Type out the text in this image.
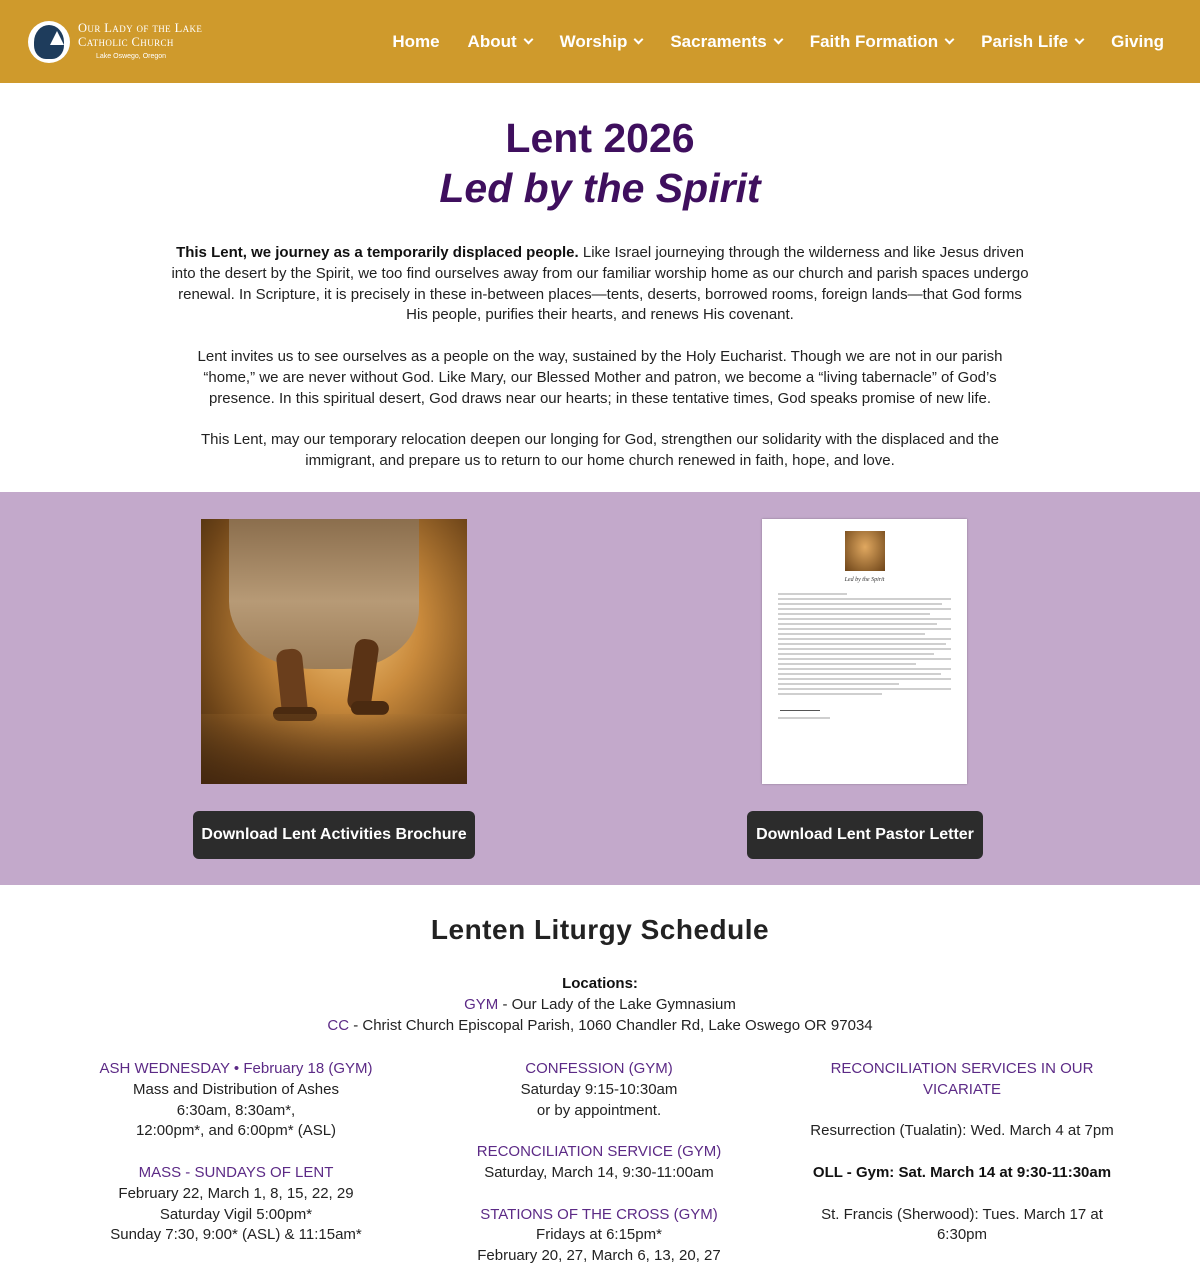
Our Lady of the Lake
Catholic Church
Lake Oswego, Oregon
Home About	Worship	Sacraments	Faith Formation	Parish Life	Giving
Lent 2026
Led by the Spirit

This Lent, we journey as a temporarily displaced people. Like Israel journeying through the wilderness and like Jesus driven into the desert by the Spirit, we too find ourselves away from our familiar worship home as our church and parish spaces undergo renewal. In Scripture, it is precisely in these in-between places—tents, deserts, borrowed rooms, foreign lands—that God forms His people, purifies their hearts, and renews His covenant.

Lent invites us to see ourselves as a people on the way, sustained by the Holy Eucharist. Though we are not in our parish “home,” we are never without God. Like Mary, our Blessed Mother and patron, we become a “living tabernacle” of God’s presence. In this spiritual desert, God draws near our hearts; in these tentative times, God speaks promise of new life.

This Lent, may our temporary relocation deepen our longing for God, strengthen our solidarity with the displaced and the immigrant, and prepare us to return to our home church renewed in faith, hope, and love.

Led by the Spirit
Download Lent Activities Brochure	Download Lent Pastor Letter
Lenten Liturgy Schedule
Locations:
GYM - Our Lady of the Lake Gymnasium
CC - Christ Church Episcopal Parish, 1060 Chandler Rd, Lake Oswego OR 97034
ASH WEDNESDAY • February 18 (GYM)
Mass and Distribution of Ashes
6:30am, 8:30am*,
12:00pm*, and 6:00pm* (ASL)
MASS - SUNDAYS OF LENT
February 22, March 1, 8, 15, 22, 29
Saturday Vigil 5:00pm*
Sunday 7:30, 9:00* (ASL) & 11:15am*
CONFESSION (GYM)
Saturday 9:15-10:30am
or by appointment.
RECONCILIATION SERVICE (GYM)
Saturday, March 14, 9:30-11:00am
STATIONS OF THE CROSS (GYM)
Fridays at 6:15pm*
February 20, 27, March 6, 13, 20, 27
RECONCILIATION SERVICES IN OUR VICARIATE
Resurrection (Tualatin): Wed. March 4 at 7pm
OLL - Gym: Sat. March 14 at 9:30-11:30am
St. Francis (Sherwood): Tues. March 17 at 6:30pm
